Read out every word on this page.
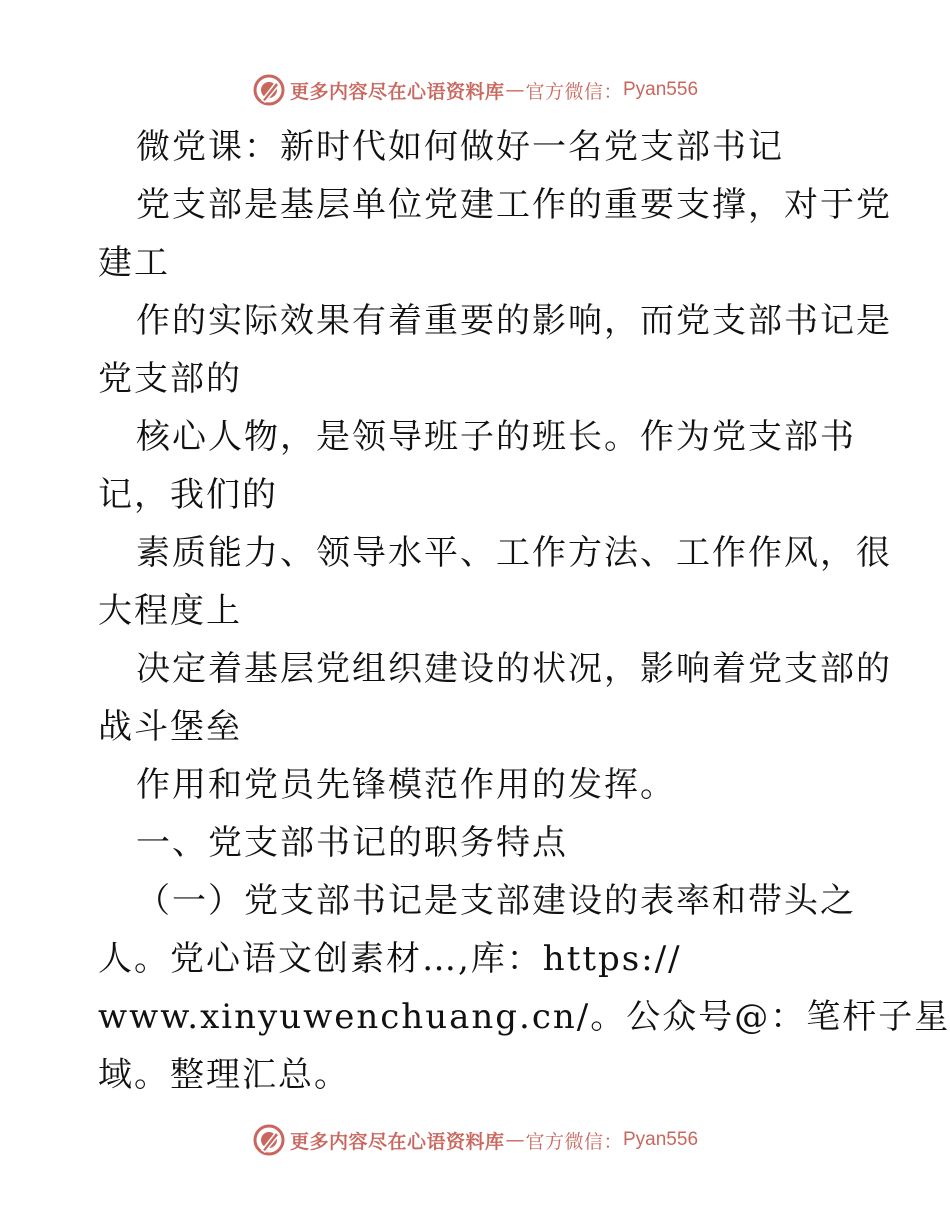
更多内容尽在心语资料库 — 官方微信： Pyan556
微党课：新时代如何做好一名党支部书记
党支部是基层单位党建工作的重要支撑，对于党
建工
作的实际效果有着重要的影响，而党支部书记是
党支部的
核心人物，是领导班子的班长。作为党支部书
记，我们的
素质能力、领导水平、工作方法、工作作风，很
大程度上
决定着基层党组织建设的状况，影响着党支部的
战斗堡垒
作用和党员先锋模范作用的发挥。
一、党支部书记的职务特点
（一）党支部书记是支部建设的表率和带头之
人。党心语文创素材…,库：https://
www.xinyuwenchuang.cn/。公众号@：笔杆子星
域。整理汇总。
更多内容尽在心语资料库 — 官方微信： Pyan556
